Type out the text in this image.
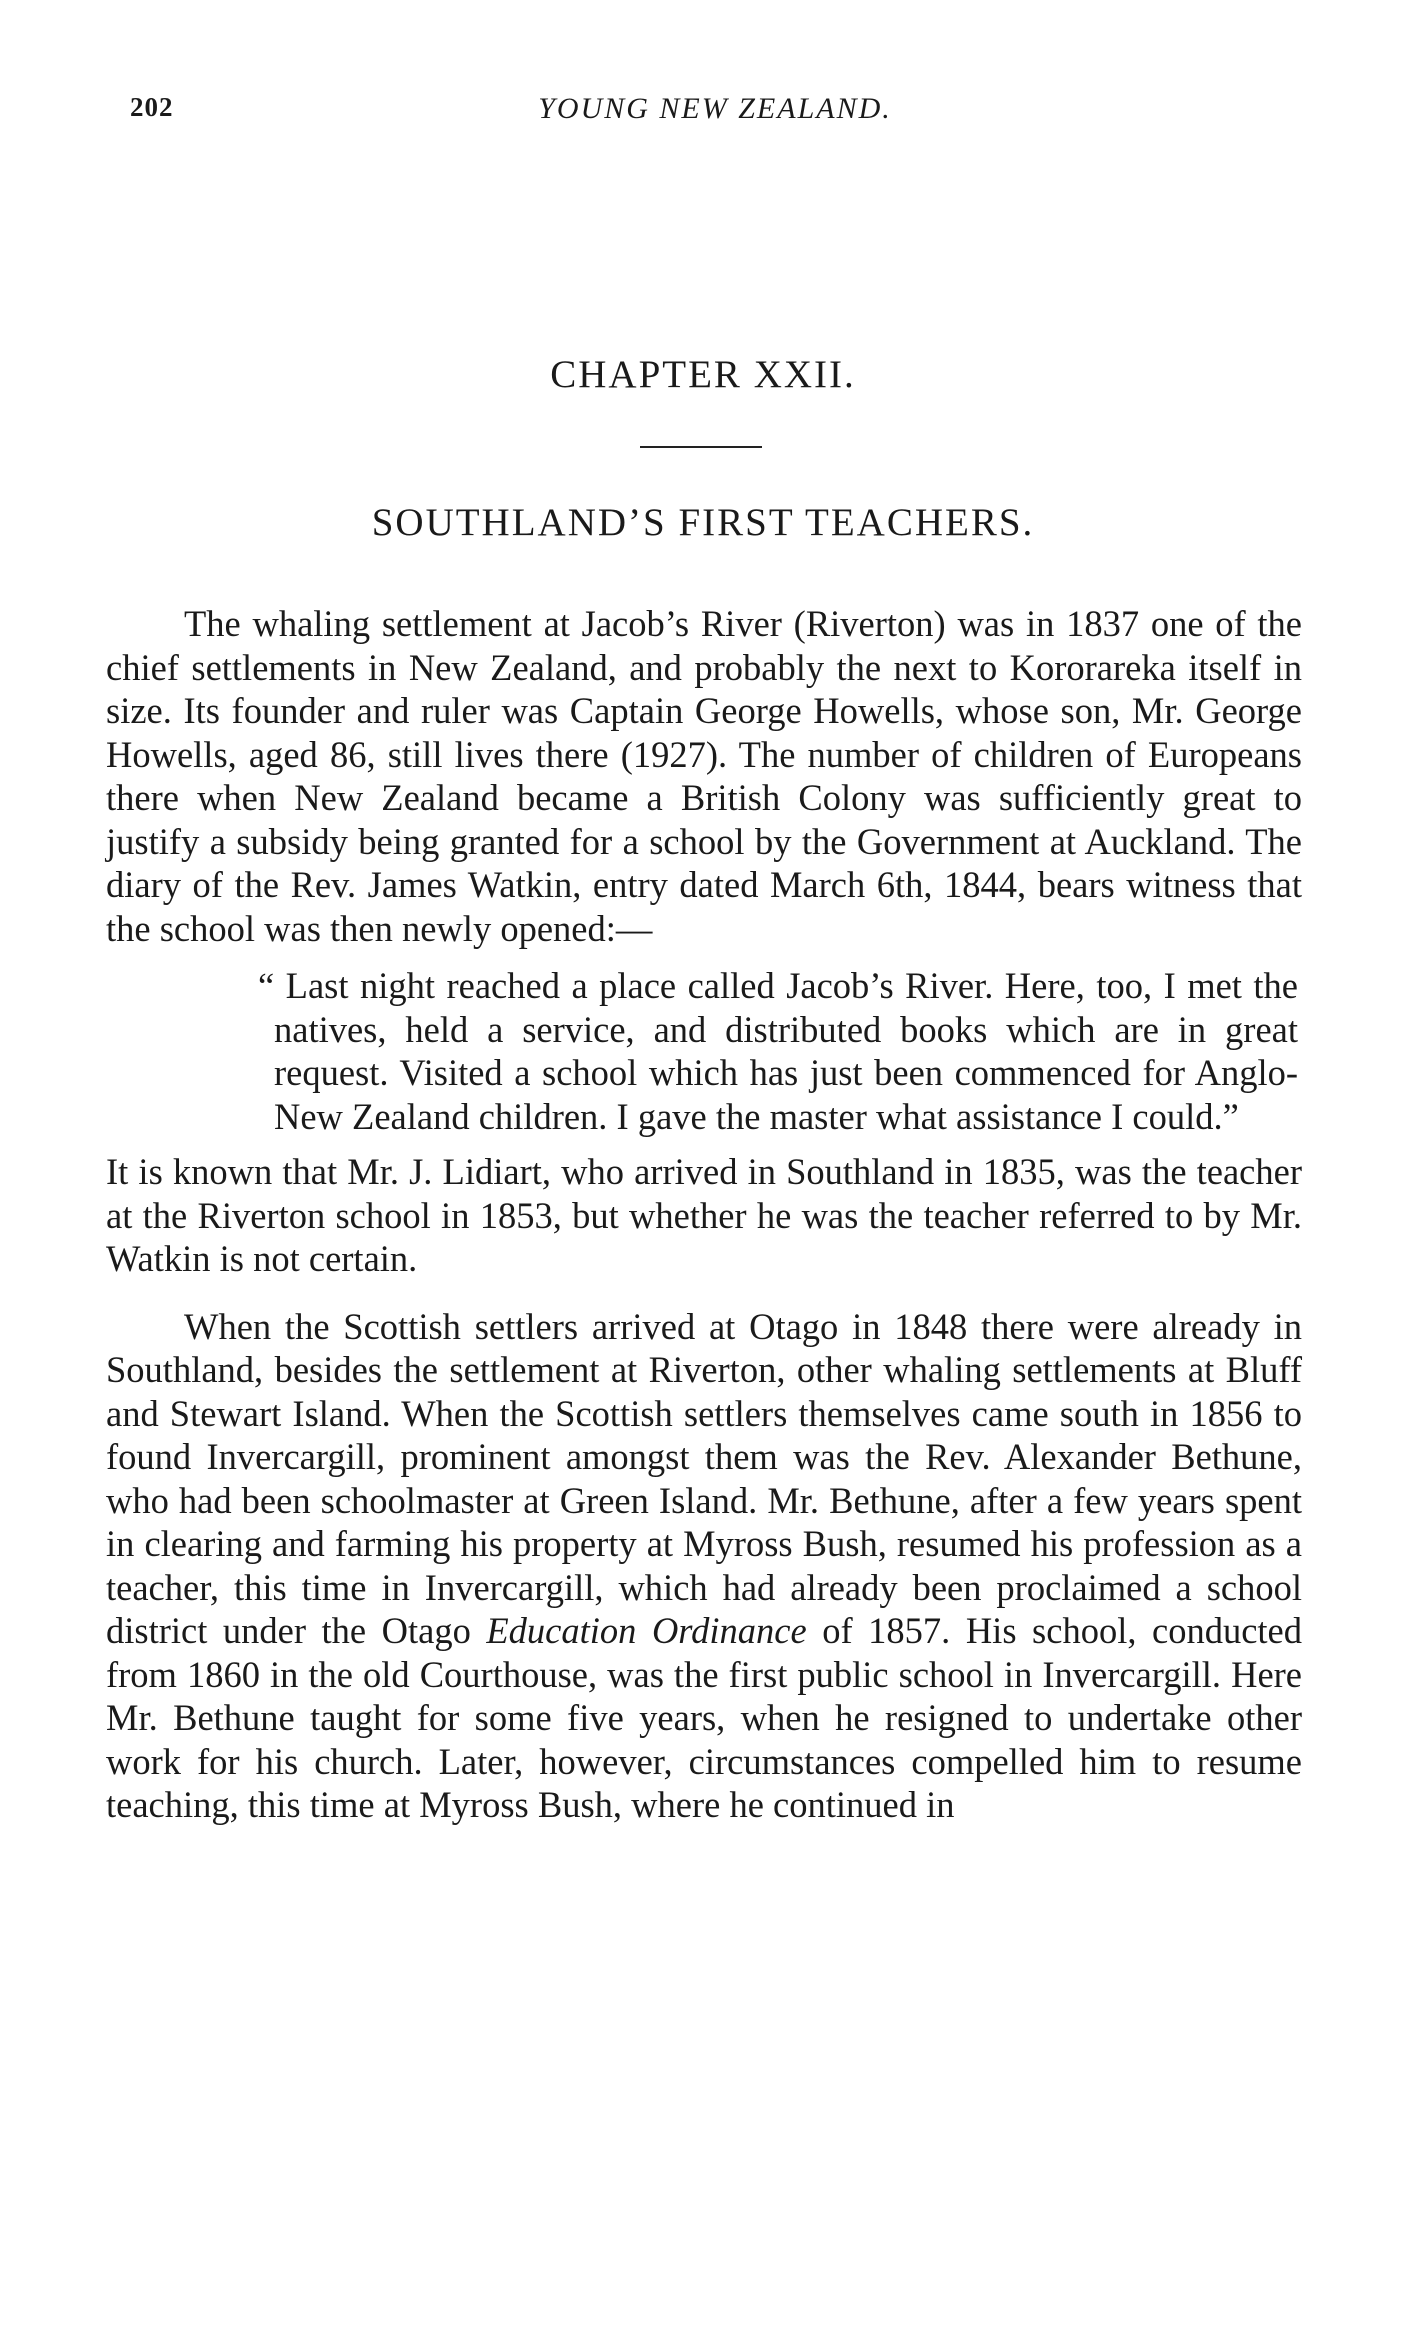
202	YOUNG NEW ZEALAND.
CHAPTER XXII.
SOUTHLAND’S FIRST TEACHERS.

The whaling settlement at Jacob’s River (Riverton) was in 1837 one of the chief settlements in New Zealand, and probably the next to Kororareka itself in size. Its founder and ruler was Captain George Howells, whose son, Mr. George Howells, aged 86, still lives there (1927). The number of children of Europeans there when New Zealand became a British Colony was sufficiently great to justify a subsidy being granted for a school by the Government at Auckland. The diary of the Rev. James Watkin, entry dated March 6th, 1844, bears witness that the school was then newly opened:—

“ Last night reached a place called Jacob’s River. Here, too, I met the natives, held a service, and distributed books which are in great request. Visited a school which has just been commenced for Anglo-New Zealand children. I gave the master what assistance I could.”

It is known that Mr. J. Lidiart, who arrived in Southland in 1835, was the teacher at the Riverton school in 1853, but whether he was the teacher referred to by Mr. Watkin is not certain.

When the Scottish settlers arrived at Otago in 1848 there were already in Southland, besides the settlement at Riverton, other whaling settlements at Bluff and Stewart Island. When the Scottish settlers themselves came south in 1856 to found Invercargill, prominent amongst them was the Rev. Alexander Bethune, who had been schoolmaster at Green Island. Mr. Bethune, after a few years spent in clearing and farming his property at Myross Bush, resumed his profession as a teacher, this time in Invercargill, which had already been proclaimed a school district under the Otago Education Ordinance of 1857. His school, conducted from 1860 in the old Courthouse, was the first public school in Invercargill. Here Mr. Bethune taught for some five years, when he resigned to undertake other work for his church. Later, however, circumstances compelled him to resume teaching, this time at Myross Bush, where he continued in
